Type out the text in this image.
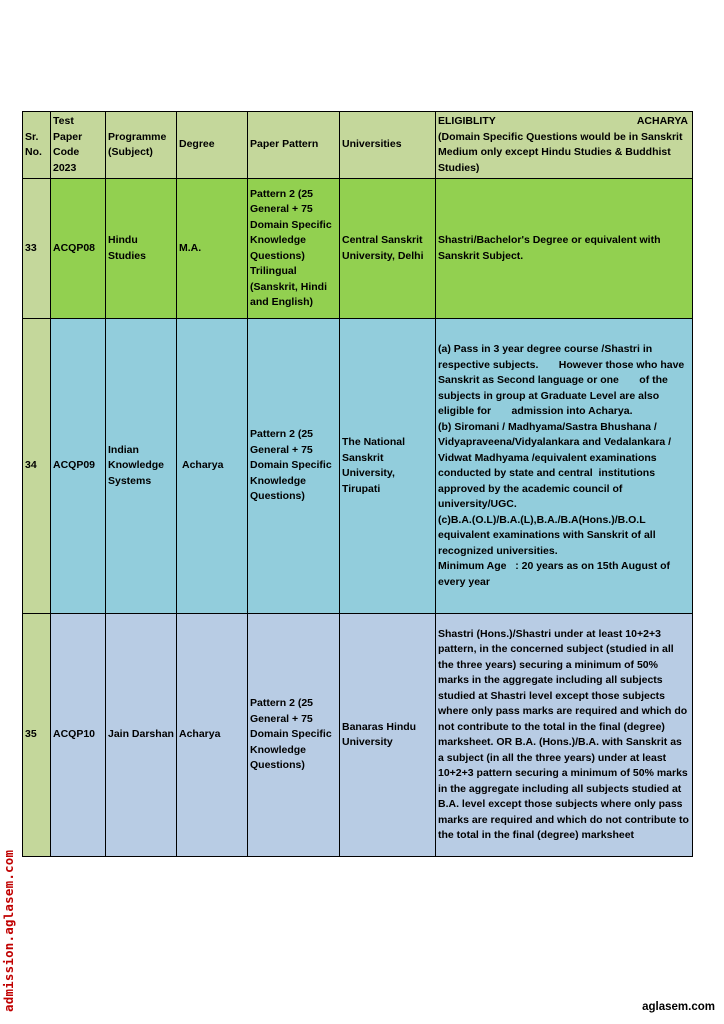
Sr. No.	Test Paper Code 2023	Programme (Subject)	Degree	Paper Pattern	Universities	ELIGIBLITY ACHARYA
(Domain Specific Questions would be in Sanskrit Medium only except Hindu Studies & Buddhist Studies)

33	ACQP08	Hindu Studies	M.A.	Pattern 2 (25 General + 75 Domain Specific Knowledge Questions) Trilingual (Sanskrit, Hindi and English)	Central Sanskrit University, Delhi	Shastri/Bachelor's Degree or equivalent with Sanskrit Subject.
34	ACQP09	Indian Knowledge Systems	Acharya	Pattern 2 (25 General + 75 Domain Specific Knowledge Questions)	The National Sanskrit University, Tirupati	(a) Pass in 3 year degree course /Shastri in respective subjects.       However those who have Sanskrit as Second language or one       of the subjects in group at Graduate Level are also eligible for       admission into Acharya.
(b) Siromani / Madhyama/Sastra Bhushana / Vidyapraveena/Vidyalankara and Vedalankara / Vidwat Madhyama /equivalent examinations conducted by state and central  institutions approved by the academic council of university/UGC.
(c)B.A.(O.L)/B.A.(L),B.A./B.A(Hons.)/B.O.L equivalent examinations with Sanskrit of all recognized universities.
Minimum Age   : 20 years as on 15th August of every year
35	ACQP10	Jain Darshan	Acharya	Pattern 2 (25 General + 75 Domain Specific Knowledge Questions)	Banaras Hindu University	Shastri (Hons.)/Shastri under at least 10+2+3 pattern, in the concerned subject (studied in all the three years) securing a minimum of 50% marks in the aggregate including all subjects studied at Shastri level except those subjects where only pass marks are required and which do not contribute to the total in the final (degree) marksheet. OR B.A. (Hons.)/B.A. with Sanskrit as a subject (in all the three years) under at least 10+2+3 pattern securing a minimum of 50% marks in the aggregate including all subjects studied at B.A. level except those subjects where only pass marks are required and which do not contribute to the total in the final (degree) marksheet
admission.aglasem.com	aglasem.com
